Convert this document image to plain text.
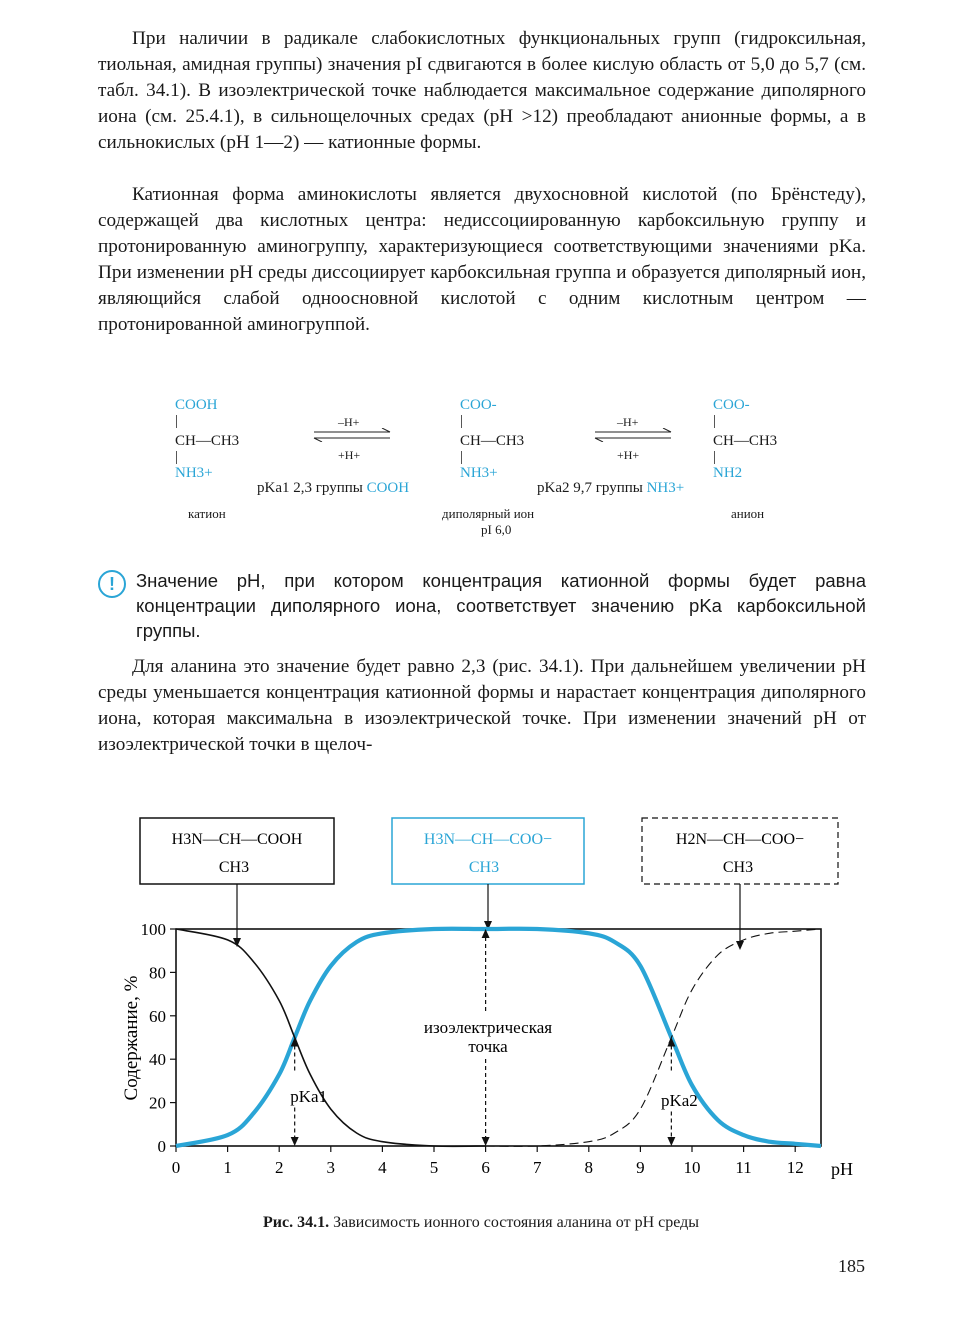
При наличии в радикале слабокислотных функциональных групп (гидроксильная, тиольная, амидная группы) значения pI сдвигаются в более кислую область от 5,0 до 5,7 (см. табл. 34.1). В изоэлектрической точке наблюдается максимальное содержание диполярного иона (см. 25.4.1), в сильнощелочных средах (pH >12) преобладают анионные формы, а в сильнокислых (pH 1—2) — катионные формы.

Катионная форма аминокислоты является двухосновной кислотой (по Брёнстеду), содержащей два кислотных центра: недиссоциированную карбоксильную группу и протонированную аминогруппу, характеризующиеся соответствующими значениями pKa. При изменении pH среды диссоциирует карбоксильная группа и образуется диполярный ион, являющийся слабой одноосновной кислотой с одним кислотным центром — протонированной аминогруппой.

COOH
|
CH—CH3
|
NH3+
катион
–H+
+H+
pKa1 2,3 группы COOH
COO-
|
CH—CH3
|
NH3+
диполярный ион
pI 6,0
–H+
+H+
pKa2 9,7 группы NH3+
COO-
|
CH—CH3
|
NH2
анион
!	Значение pH, при котором концентрация катионной формы будет равна концентрации диполярного иона, соответствует значению pKa карбоксильной группы.

Для аланина это значение будет равно 2,3 (рис. 34.1). При дальнейшем увеличении pH среды уменьшается концентрация катионной формы и нарастает концентрация диполярного иона, которая максимальна в изоэлектрической точке. При изменении значений pH от изоэлектрической точки в щелоч-

H3N—CH—COOH
CH3
H3N—CH—COO−
CH3
H2N—CH—COO−
CH3
0	1	2	3	4	5	6	7	8	9 10 11 12
0
20
40
60
80
100
изоэлектрическая
точка
pKa1	pKa2
Содержание, %
pH
Рис. 34.1. Зависимость ионного состояния аланина от pH среды
185
